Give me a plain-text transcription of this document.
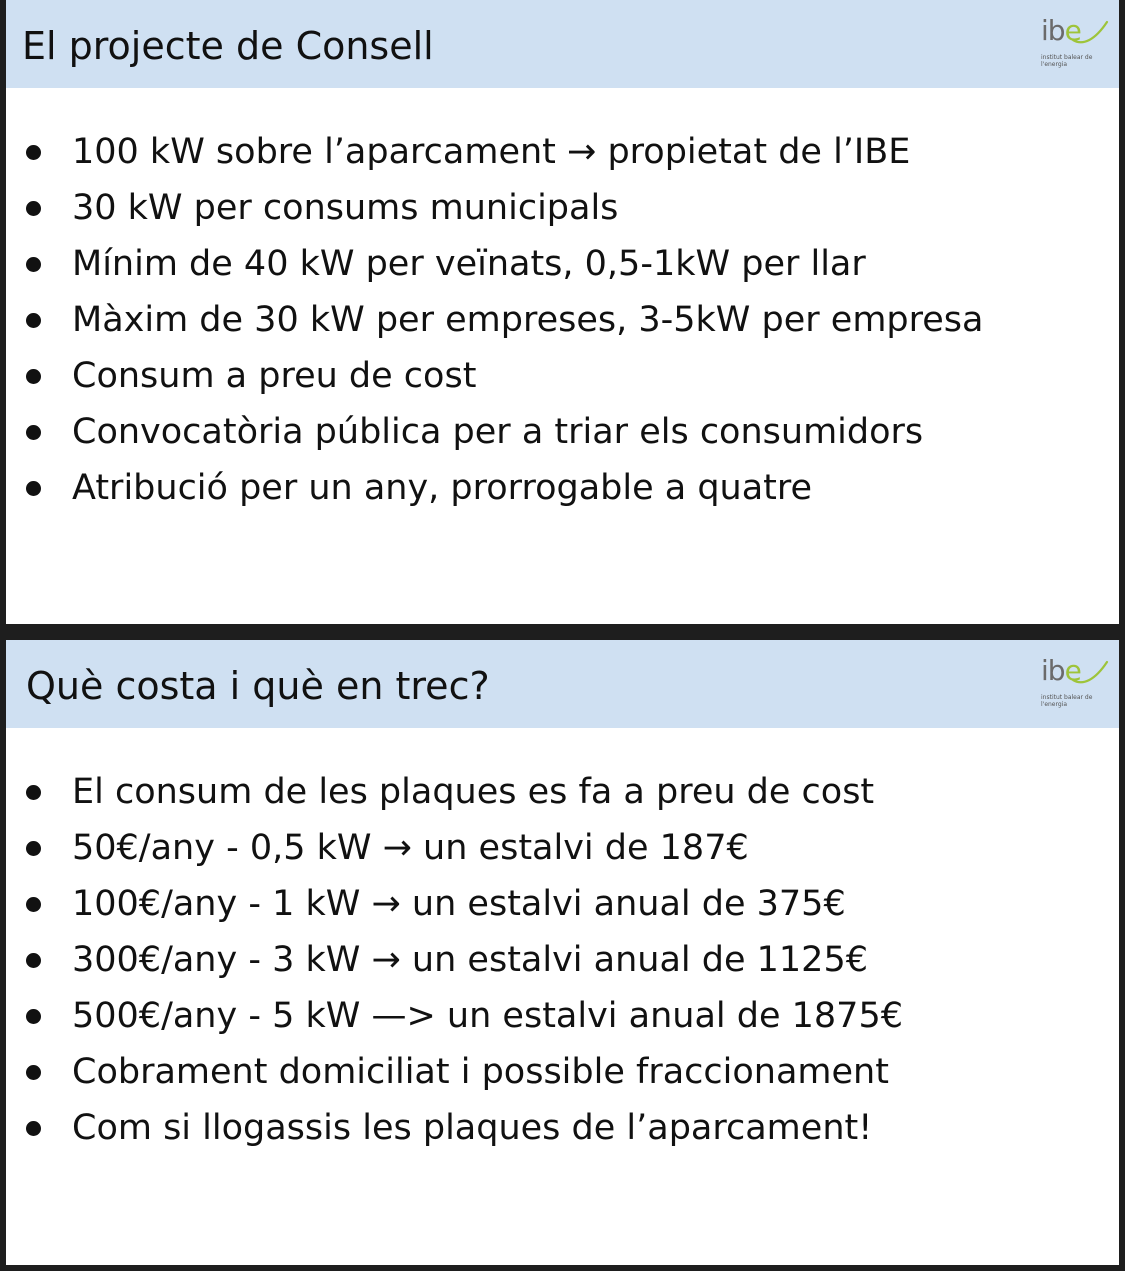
El projecte de Consell	ibe
institut balear de l'energia
100 kW sobre l’aparcament → propietat de l’IBE
30 kW per consums municipals
Mínim de 40 kW per veïnats, 0,5-1kW per llar
Màxim de 30 kW per empreses, 3-5kW per empresa
Consum a preu de cost
Convocatòria pública per a triar els consumidors
Atribució per un any, prorrogable a quatre
Què costa i què en trec?	ibe
institut balear de l'energia
El consum de les plaques es fa a preu de cost
50€/any - 0,5 kW → un estalvi de 187€
100€/any - 1 kW → un estalvi anual de 375€
300€/any - 3 kW → un estalvi anual de 1125€
500€/any - 5 kW —> un estalvi anual de 1875€
Cobrament domiciliat i possible fraccionament
Com si llogassis les plaques de l’aparcament!
